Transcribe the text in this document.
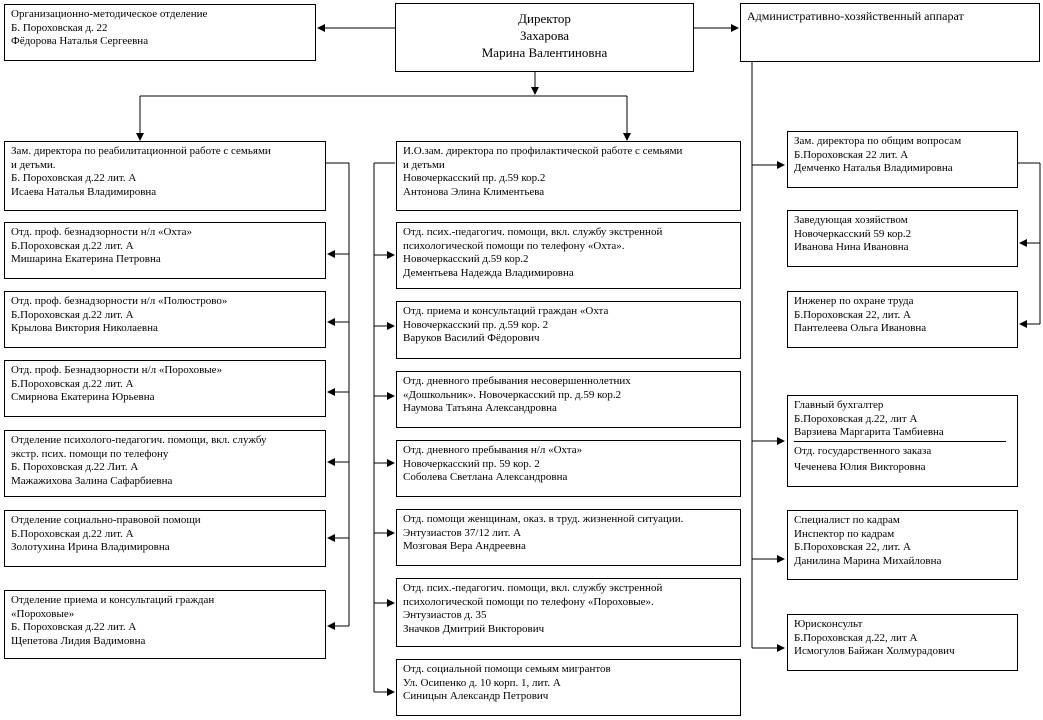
Директор
Захарова
Марина Валентиновна
Организационно-методическое отделение
Б. Пороховская д. 22
Фёдорова Наталья Сергеевна
Административно-хозяйственный аппарат
Зам. директора по реабилитационной работе с семьями
и детьми.
Б. Пороховская д.22 лит. А
Исаева Наталья Владимировна
И.О.зам. директора по профилактической работе с семьями
и детьми
Новочеркасский пр. д.59 кор.2
Антонова Элина Климентьева
Отд. проф. безнадзорности н/л «Охта»
Б.Пороховская д.22 лит. А
Мишарина Екатерина Петровна
Отд. проф. безнадзорности н/л «Полюстрово»
Б.Пороховская д.22 лит. А
Крылова Виктория Николаевна
Отд. проф. Безнадзорности н/л «Пороховые»
Б.Пороховская д.22 лит. А
Смирнова Екатерина Юрьевна
Отделение психолого-педагогич. помощи, вкл. службу
экстр. псих. помощи по телефону
Б. Пороховская д.22 Лит. А
Мажажихова Залина Сафарбиевна
Отделение социально-правовой помощи
Б.Пороховская д.22 лит. А
Золотухина Ирина Владимировна
Отделение приема и консультаций граждан
«Пороховые»
Б. Пороховская д.22 лит. А
Щепетова Лидия Вадимовна
Отд. псих.-педагогич. помощи, вкл. службу экстренной
психологической помощи по телефону «Охта».
Новочеркасский д.59 кор.2
Дементьева Надежда Владимировна
Отд. приема и консультаций граждан «Охта
Новочеркасский пр. д.59 кор. 2
Варуков Василий Фёдорович
Отд. дневного пребывания несовершеннолетних
«Дошкольник». Новочеркасский пр. д.59 кор.2
Наумова Татьяна Александровна
Отд. дневного пребывания н/л «Охта»
Новочеркасский пр. 59 кор. 2
Соболева Светлана Александровна
Отд. помощи женщинам, оказ. в труд. жизненной ситуации.
Энтузиастов 37/12 лит. А
Мозговая Вера Андреевна
Отд. псих.-педагогич. помощи, вкл. службу экстренной
психологической помощи по телефону «Пороховые».
Энтузиастов д. 35
Значков Дмитрий Викторович
Отд. социальной помощи семьям мигрантов
Ул. Осипенко д. 10 корп. 1, лит. А
Синицын Александр Петрович
Зам. директора по общим вопросам
Б.Пороховская 22 лит. А
Демченко Наталья Владимировна
Заведующая хозяйством
Новочеркасский 59 кор.2
Иванова Нина Ивановна
Инженер по охране труда
Б.Пороховская 22, лит. А
Пантелеева Ольга Ивановна
Главный бухгалтер
Б.Пороховская д.22, лит А
Варзиева Маргарита Тамбиевна
Отд. государственного заказа
Чеченева Юлия Викторовна
Специалист по кадрам
Инспектор по кадрам
Б.Пороховская 22, лит. А
Данилина Марина Михайловна
Юрисконсульт
Б.Пороховская д.22, лит А
Исмогулов Байжан Холмурадович
